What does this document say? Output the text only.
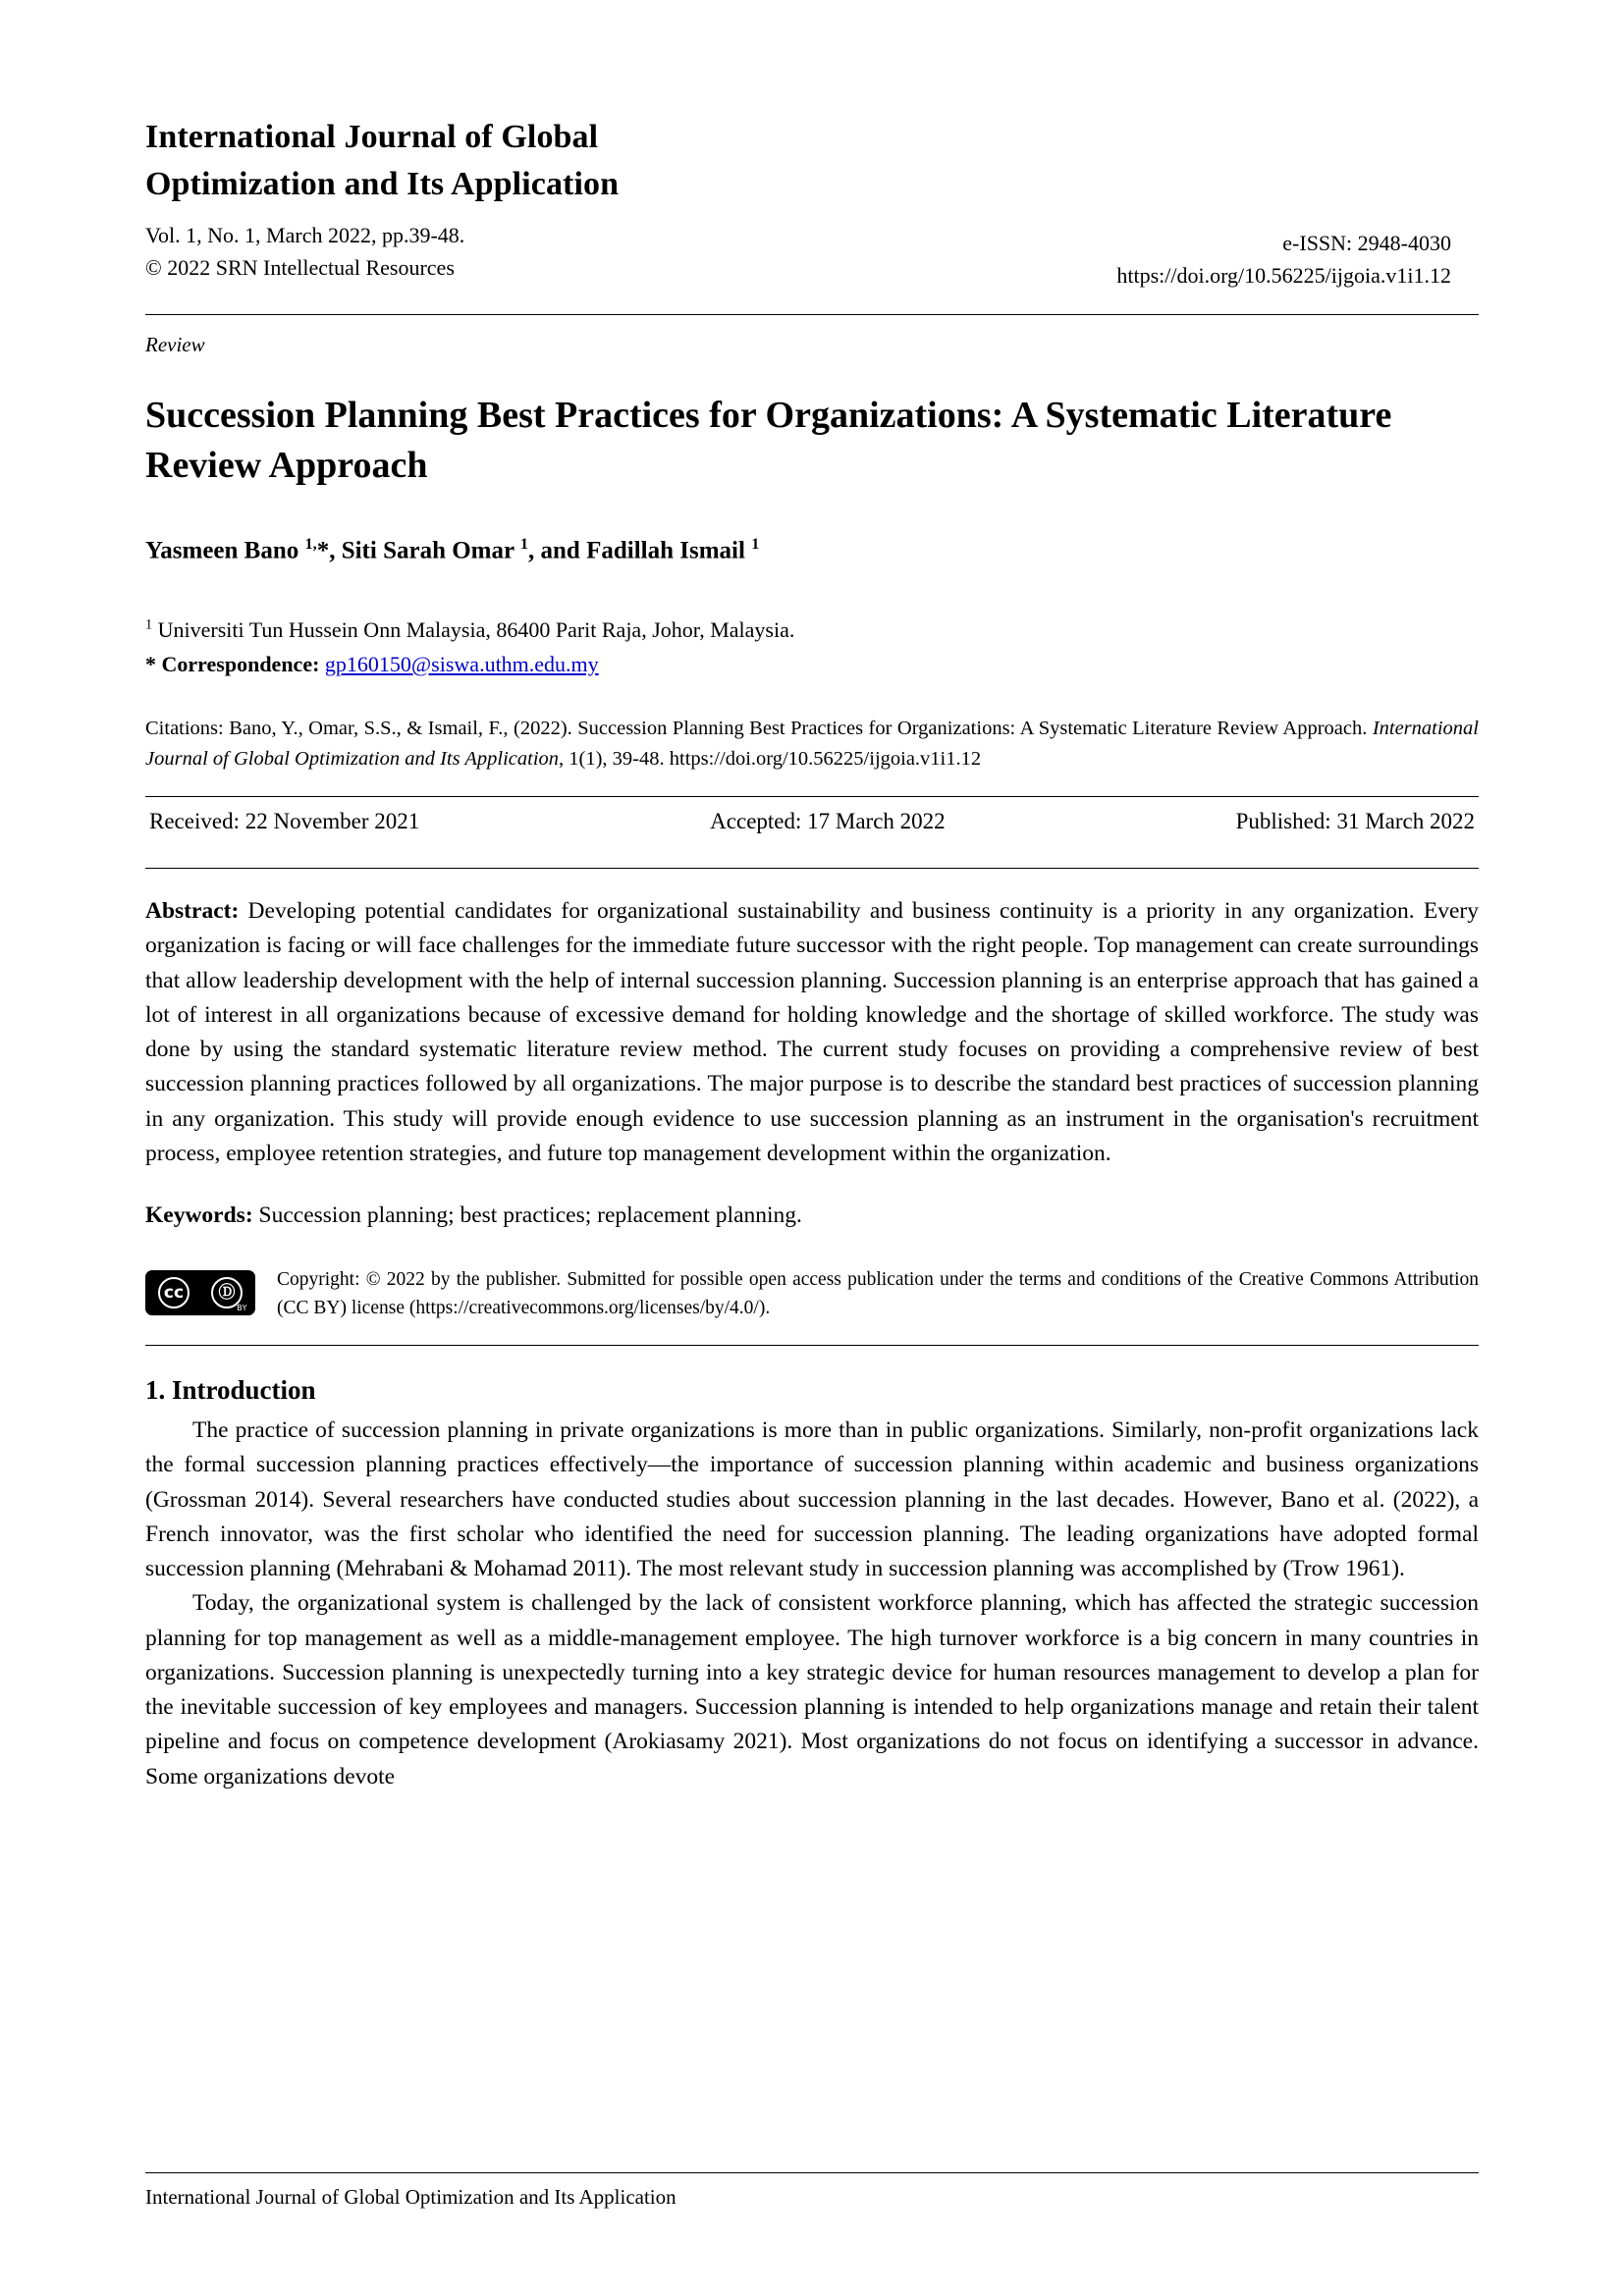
International Journal of Global
Optimization and Its Application
Vol. 1, No. 1, March 2022, pp.39-48.
© 2022 SRN Intellectual Resources
e-ISSN: 2948-4030
https://doi.org/10.56225/ijgoia.v1i1.12
Review
Succession Planning Best Practices for Organizations: A Systematic Literature Review Approach
Yasmeen Bano $^{1,}$*, Siti Sarah Omar $^1$, and Fadillah Ismail $^1$
$^1$ Universiti Tun Hussein Onn Malaysia, 86400 Parit Raja, Johor, Malaysia.
* Correspondence: gp160150@siswa.uthm.edu.my
Citations: Bano, Y., Omar, S.S., & Ismail, F., (2022). Succession Planning Best Practices for Organizations: A Systematic Literature Review Approach. International Journal of Global Optimization and Its Application, 1(1), 39-48. https://doi.org/10.56225/ijgoia.v1i1.12
Received: 22 November 2021	Accepted: 17 March 2022	Published: 31 March 2022
Abstract: Developing potential candidates for organizational sustainability and business continuity is a priority in any organization. Every organization is facing or will face challenges for the immediate future successor with the right people. Top management can create surroundings that allow leadership development with the help of internal succession planning. Succession planning is an enterprise approach that has gained a lot of interest in all organizations because of excessive demand for holding knowledge and the shortage of skilled workforce. The study was done by using the standard systematic literature review method. The current study focuses on providing a comprehensive review of best succession planning practices followed by all organizations. The major purpose is to describe the standard best practices of succession planning in any organization. This study will provide enough evidence to use succession planning as an instrument in the organisation's recruitment process, employee retention strategies, and future top management development within the organization.
Keywords: Succession planning; best practices; replacement planning.
cc	Ⓓ
BY
Copyright: © 2022 by the publisher. Submitted for possible open access publication under the terms and conditions of the Creative Commons Attribution (CC BY) license (https://creativecommons.org/licenses/by/4.0/).
1. Introduction

The practice of succession planning in private organizations is more than in public organizations. Similarly, non-profit organizations lack the formal succession planning practices effectively—the importance of succession planning within academic and business organizations (Grossman 2014). Several researchers have conducted studies about succession planning in the last decades. However, Bano et al. (2022), a French innovator, was the first scholar who identified the need for succession planning. The leading organizations have adopted formal succession planning (Mehrabani & Mohamad 2011). The most relevant study in succession planning was accomplished by (Trow 1961).

Today, the organizational system is challenged by the lack of consistent workforce planning, which has affected the strategic succession planning for top management as well as a middle-management employee. The high turnover workforce is a big concern in many countries in organizations. Succession planning is unexpectedly turning into a key strategic device for human resources management to develop a plan for the inevitable succession of key employees and managers. Succession planning is intended to help organizations manage and retain their talent pipeline and focus on competence development (Arokiasamy 2021). Most organizations do not focus on identifying a successor in advance. Some organizations devote

International Journal of Global Optimization and Its Application
